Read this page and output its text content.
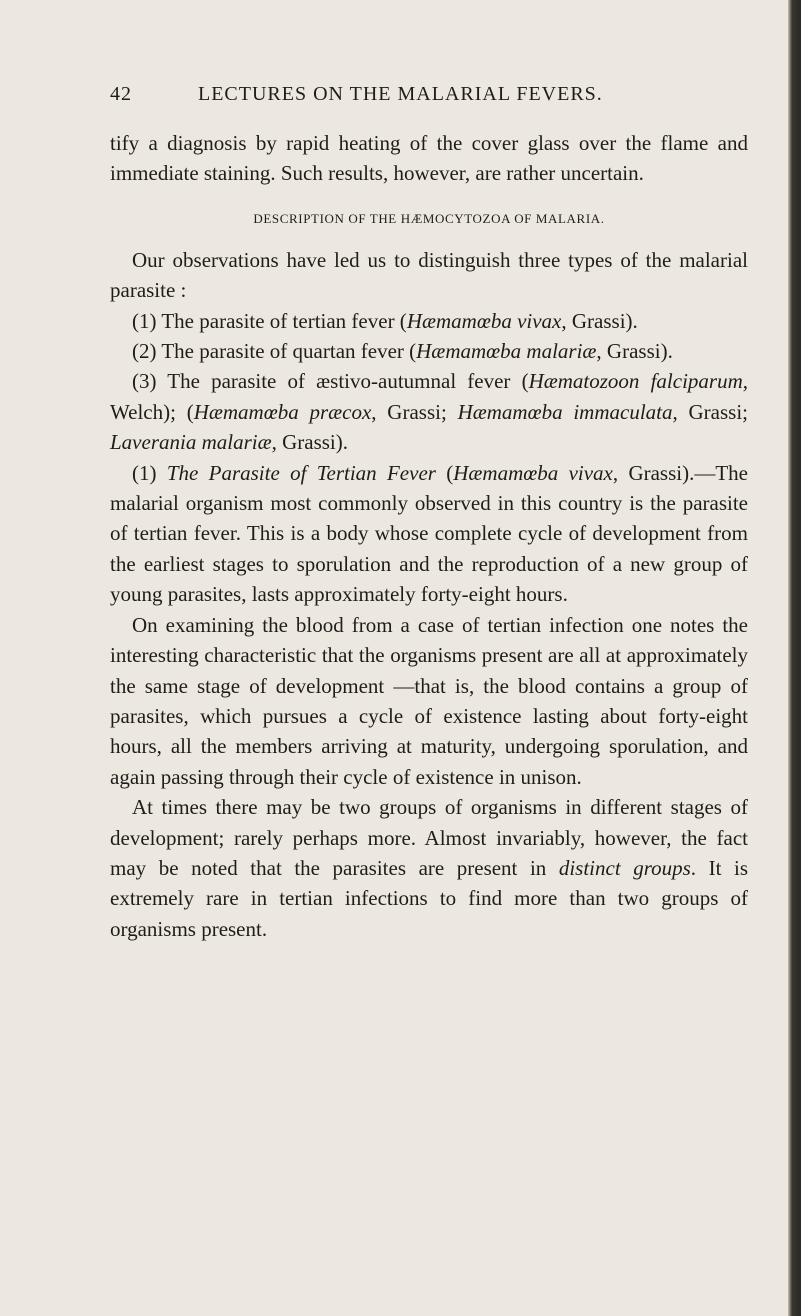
42	LECTURES ON THE MALARIAL FEVERS.

tify a diagnosis by rapid heating of the cover glass over the flame and immediate staining. Such results, however, are rather uncertain.

DESCRIPTION OF THE HÆMOCYTOZOA OF MALARIA.

Our observations have led us to distinguish three types of the malarial parasite :

(1) The parasite of tertian fever (Hæmamœba vivax, Grassi).

(2) The parasite of quartan fever (Hæmamœba malariæ, Grassi).

(3) The parasite of æstivo-autumnal fever (Hæmatozoon falciparum, Welch); (Hæmamœba præcox, Grassi; Hæmamœba immaculata, Grassi; Laverania malariæ, Grassi).

(1) The Parasite of Tertian Fever (Hæmamœba vivax, Grassi).—The malarial organism most commonly observed in this country is the parasite of tertian fever. This is a body whose complete cycle of development from the earliest stages to sporulation and the reproduction of a new group of young parasites, lasts approximately forty-eight hours.

On examining the blood from a case of tertian infection one notes the interesting characteristic that the organisms present are all at approximately the same stage of development —that is, the blood contains a group of parasites, which pursues a cycle of existence lasting about forty-eight hours, all the members arriving at maturity, undergoing sporulation, and again passing through their cycle of existence in unison.

At times there may be two groups of organisms in different stages of development; rarely perhaps more. Almost invariably, however, the fact may be noted that the parasites are present in distinct groups. It is extremely rare in tertian infections to find more than two groups of organisms present.
